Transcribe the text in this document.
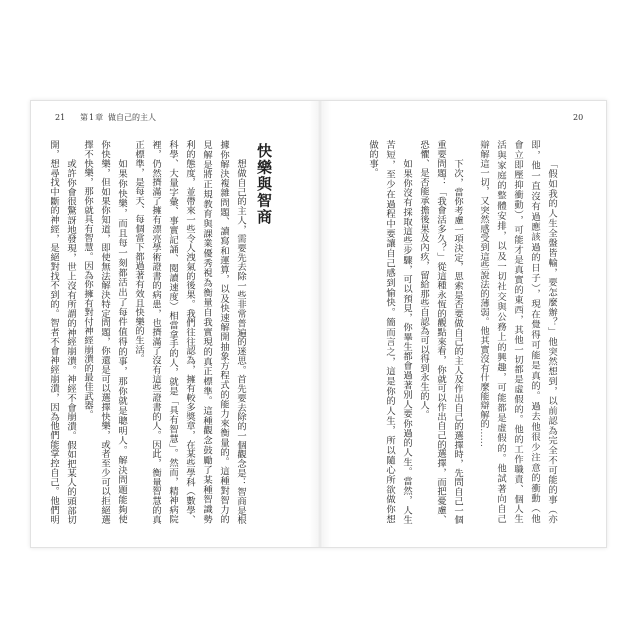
21 第1章 做自己的主人	20
快樂與智商	「假如我的人生全盤皆輸，要怎麼辦？」他突然想到，以前認為完全不可能的事（亦
即，他一直沒有過應該過的日子），現在覺得可能是真的。過去他很少注意的衝動（他
會立即壓抑衝動），可能才是真實的東西，其他一切都是虛假的。他的工作職責、個人生
活與家庭的整體安排，以及一切社交與公務上的興趣，可能都是虛假的。他試著向自己
辯解這一切，又突然感受到這些說法的薄弱。他其實沒有什麼能辯解的……
下次，當你考慮一項決定，思索是否要做自己的主人及作出自己的選擇時，先問自己一個
重要問題：「我會活多久？」從這種永恆的觀點來看，你就可以作出自己的選擇，而把憂慮、
恐懼、是否能承擔後果及內疚，留給那些自認為可以得到永生的人。
如果你沒有採取這些步驟，可以預見，你畢生都會過著別人要你過的人生。當然，人生
苦短，至少在過程中要讓自己感到愉快。簡而言之，這是你的人生，所以隨心所欲做你想
做的事。
想做自己的主人，需要先去除一些非常普遍的迷思。首先要去除的一個觀念是：智商是根
據你解決複雜問題、讀寫和運算，以及快速解開抽象方程式的能力來衡量的。這種對智力的
見解是將正規教育與課業優秀視為衡量自我實現的真正標準。這種觀念鼓勵了某種智識勢
利的態度，並帶來一些令人洩氣的後果。我們往往認為，擁有較多獎章，在某些學科（數學、
科學、大量字彙、事實記誦、閱讀速度）相當拿手的人，就是「具有智慧」。然而，精神病院
裡，仍然擠滿了擁有漂亮學術證書的病患，也擠滿了沒有這些證書的人。因此，衡量智慧的真
正標準，是每天、每個當下都過著有效且快樂的生活。
如果你快樂，而且每一刻都活出了每件值得的事，那你就是聰明人。解決問題能夠使
你快樂，但如果你知道，即使無法解決特定問題，你還是可以選擇快樂，或者至少可以拒絕選
擇不快樂，那你就具有智慧。因為你擁有對付神經崩潰的最佳武器。
或許你會很驚訝地發現，世上沒有所謂的神經崩潰。神經不會崩潰。假如把某人的頭部切
開，想尋找中斷的神經，是絕對找不到的。智者不會神經崩潰，因為他們能掌控自己。他們明
